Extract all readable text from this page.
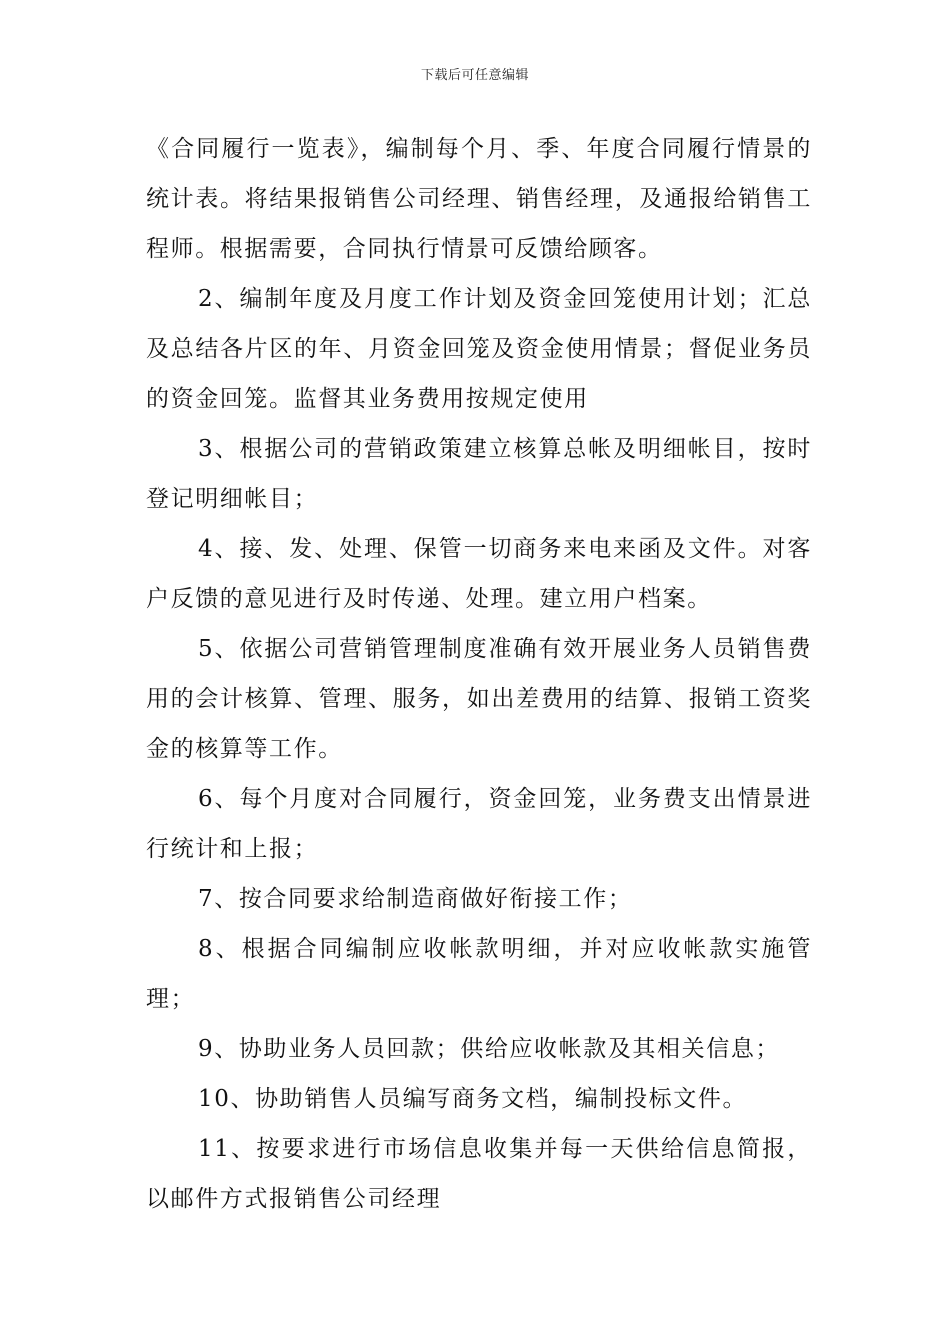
下载后可任意编辑

《合同履行一览表》，编制每个月、季、年度合同履行情景的统计表。将结果报销售公司经理、销售经理，及通报给销售工程师。根据需要，合同执行情景可反馈给顾客。

2、编制年度及月度工作计划及资金回笼使用计划；汇总及总结各片区的年、月资金回笼及资金使用情景；督促业务员的资金回笼。监督其业务费用按规定使用

3、根据公司的营销政策建立核算总帐及明细帐目，按时登记明细帐目；

4、接、发、处理、保管一切商务来电来函及文件。对客户反馈的意见进行及时传递、处理。建立用户档案。

5、依据公司营销管理制度准确有效开展业务人员销售费用的会计核算、管理、服务，如出差费用的结算、报销工资奖金的核算等工作。

6、每个月度对合同履行，资金回笼，业务费支出情景进行统计和上报；

7、按合同要求给制造商做好衔接工作；

8、根据合同编制应收帐款明细，并对应收帐款实施管理；

9、协助业务人员回款；供给应收帐款及其相关信息；

10、协助销售人员编写商务文档，编制投标文件。

11、按要求进行市场信息收集并每一天供给信息简报，以邮件方式报销售公司经理
